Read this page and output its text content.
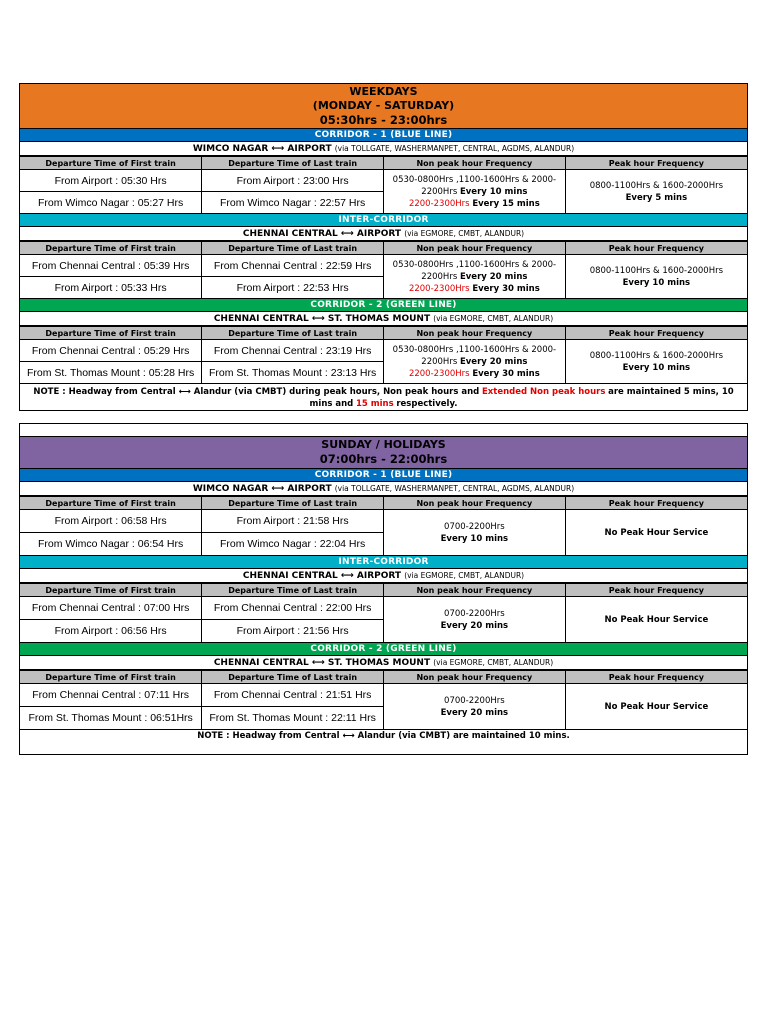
WEEKDAYS
(MONDAY - SATURDAY)
05:30hrs - 23:00hrs
CORRIDOR - 1 (BLUE LINE)
WIMCO NAGAR ⟷ AIRPORT (via TOLLGATE, WASHERMANPET, CENTRAL, AGDMS, ALANDUR)
Departure Time of First train	Departure Time of Last train	Non peak hour Frequency	Peak hour Frequency
From Airport : 05:30 Hrs	From Airport : 23:00 Hrs	0530-0800Hrs ,1100-1600Hrs & 2000-
2200Hrs Every 10 mins
2200-2300Hrs Every 15 mins	0800-1100Hrs & 1600-2000Hrs
Every 5 mins
From Wimco Nagar : 05:27 Hrs	From Wimco Nagar : 22:57 Hrs		
INTER-CORRIDOR
CHENNAI CENTRAL ⟷ AIRPORT (via EGMORE, CMBT, ALANDUR)
Departure Time of First train	Departure Time of Last train	Non peak hour Frequency	Peak hour Frequency
From Chennai Central : 05:39 Hrs	From Chennai Central : 22:59 Hrs	0530-0800Hrs ,1100-1600Hrs & 2000-
2200Hrs Every 20 mins
2200-2300Hrs Every 30 mins	0800-1100Hrs & 1600-2000Hrs
Every 10 mins
From Airport : 05:33 Hrs	From Airport : 22:53 Hrs		
CORRIDOR - 2 (GREEN LINE)
CHENNAI CENTRAL ⟷ ST. THOMAS MOUNT (via EGMORE, CMBT, ALANDUR)
Departure Time of First train	Departure Time of Last train	Non peak hour Frequency	Peak hour Frequency
From Chennai Central : 05:29 Hrs	From Chennai Central : 23:19 Hrs	0530-0800Hrs ,1100-1600Hrs & 2000-
2200Hrs Every 20 mins
2200-2300Hrs Every 30 mins	0800-1100Hrs & 1600-2000Hrs
Every 10 mins
From St. Thomas Mount : 05:28 Hrs	From St. Thomas Mount : 23:13 Hrs		
NOTE : Headway from Central ⟷ Alandur (via CMBT) during peak hours, Non peak hours and Extended Non peak hours are maintained 5 mins, 10 mins and 15 mins respectively.
SUNDAY / HOLIDAYS
07:00hrs - 22:00hrs
CORRIDOR - 1 (BLUE LINE)
WIMCO NAGAR ⟷ AIRPORT (via TOLLGATE, WASHERMANPET, CENTRAL, AGDMS, ALANDUR)
Departure Time of First train	Departure Time of Last train	Non peak hour Frequency	Peak hour Frequency
From Airport : 06:58 Hrs	From Airport : 21:58 Hrs	0700-2200Hrs
Every 10 mins	No Peak Hour Service
From Wimco Nagar : 06:54 Hrs	From Wimco Nagar : 22:04 Hrs		
INTER-CORRIDOR
CHENNAI CENTRAL ⟷ AIRPORT (via EGMORE, CMBT, ALANDUR)
Departure Time of First train	Departure Time of Last train	Non peak hour Frequency	Peak hour Frequency
From Chennai Central : 07:00 Hrs	From Chennai Central : 22:00 Hrs	0700-2200Hrs
Every 20 mins	No Peak Hour Service
From Airport : 06:56 Hrs	From Airport : 21:56 Hrs		
CORRIDOR - 2 (GREEN LINE)
CHENNAI CENTRAL ⟷ ST. THOMAS MOUNT (via EGMORE, CMBT, ALANDUR)
Departure Time of First train	Departure Time of Last train	Non peak hour Frequency	Peak hour Frequency
From Chennai Central : 07:11 Hrs	From Chennai Central : 21:51 Hrs	0700-2200Hrs
Every 20 mins	No Peak Hour Service
From St. Thomas Mount : 06:51Hrs	From St. Thomas Mount : 22:11 Hrs		
NOTE : Headway from Central ⟷ Alandur (via CMBT) are maintained 10 mins.
